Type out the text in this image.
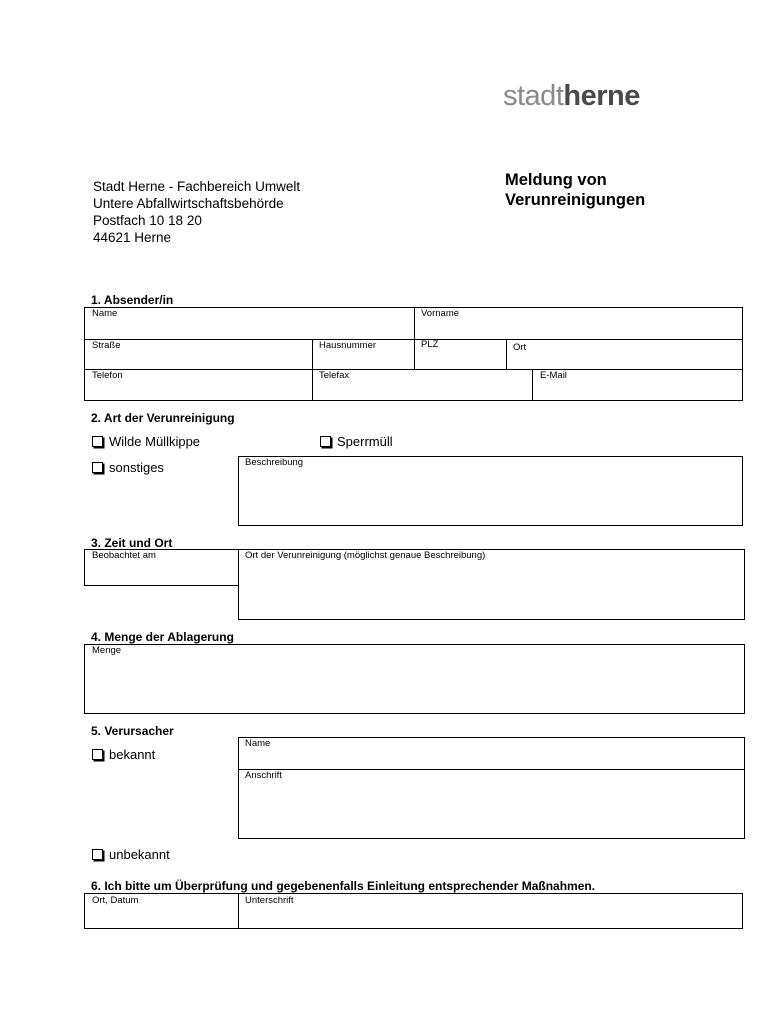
stadtherne
Stadt Herne - Fachbereich Umwelt
Untere Abfallwirtschaftsbehörde
Postfach 10 18 20
44621 Herne
Meldung von
Verunreinigungen
1. Absender/in
Name	Vorname
Straße	Hausnummer	PLZ	Ort
Telefon	Telefax	E-Mail
2. Art der Verunreinigung
Wilde Müllkippe	Sperrmüll
sonstiges	Beschreibung
3. Zeit und Ort
Beobachtet am	Ort der Verunreinigung (möglichst genaue Beschreibung)
4. Menge der Ablagerung
Menge
5. Verursacher
bekannt
Name
Anschrift
unbekannt
6. Ich bitte um Überprüfung und gegebenenfalls Einleitung entsprechender Maßnahmen.
Ort, Datum	Unterschrift
